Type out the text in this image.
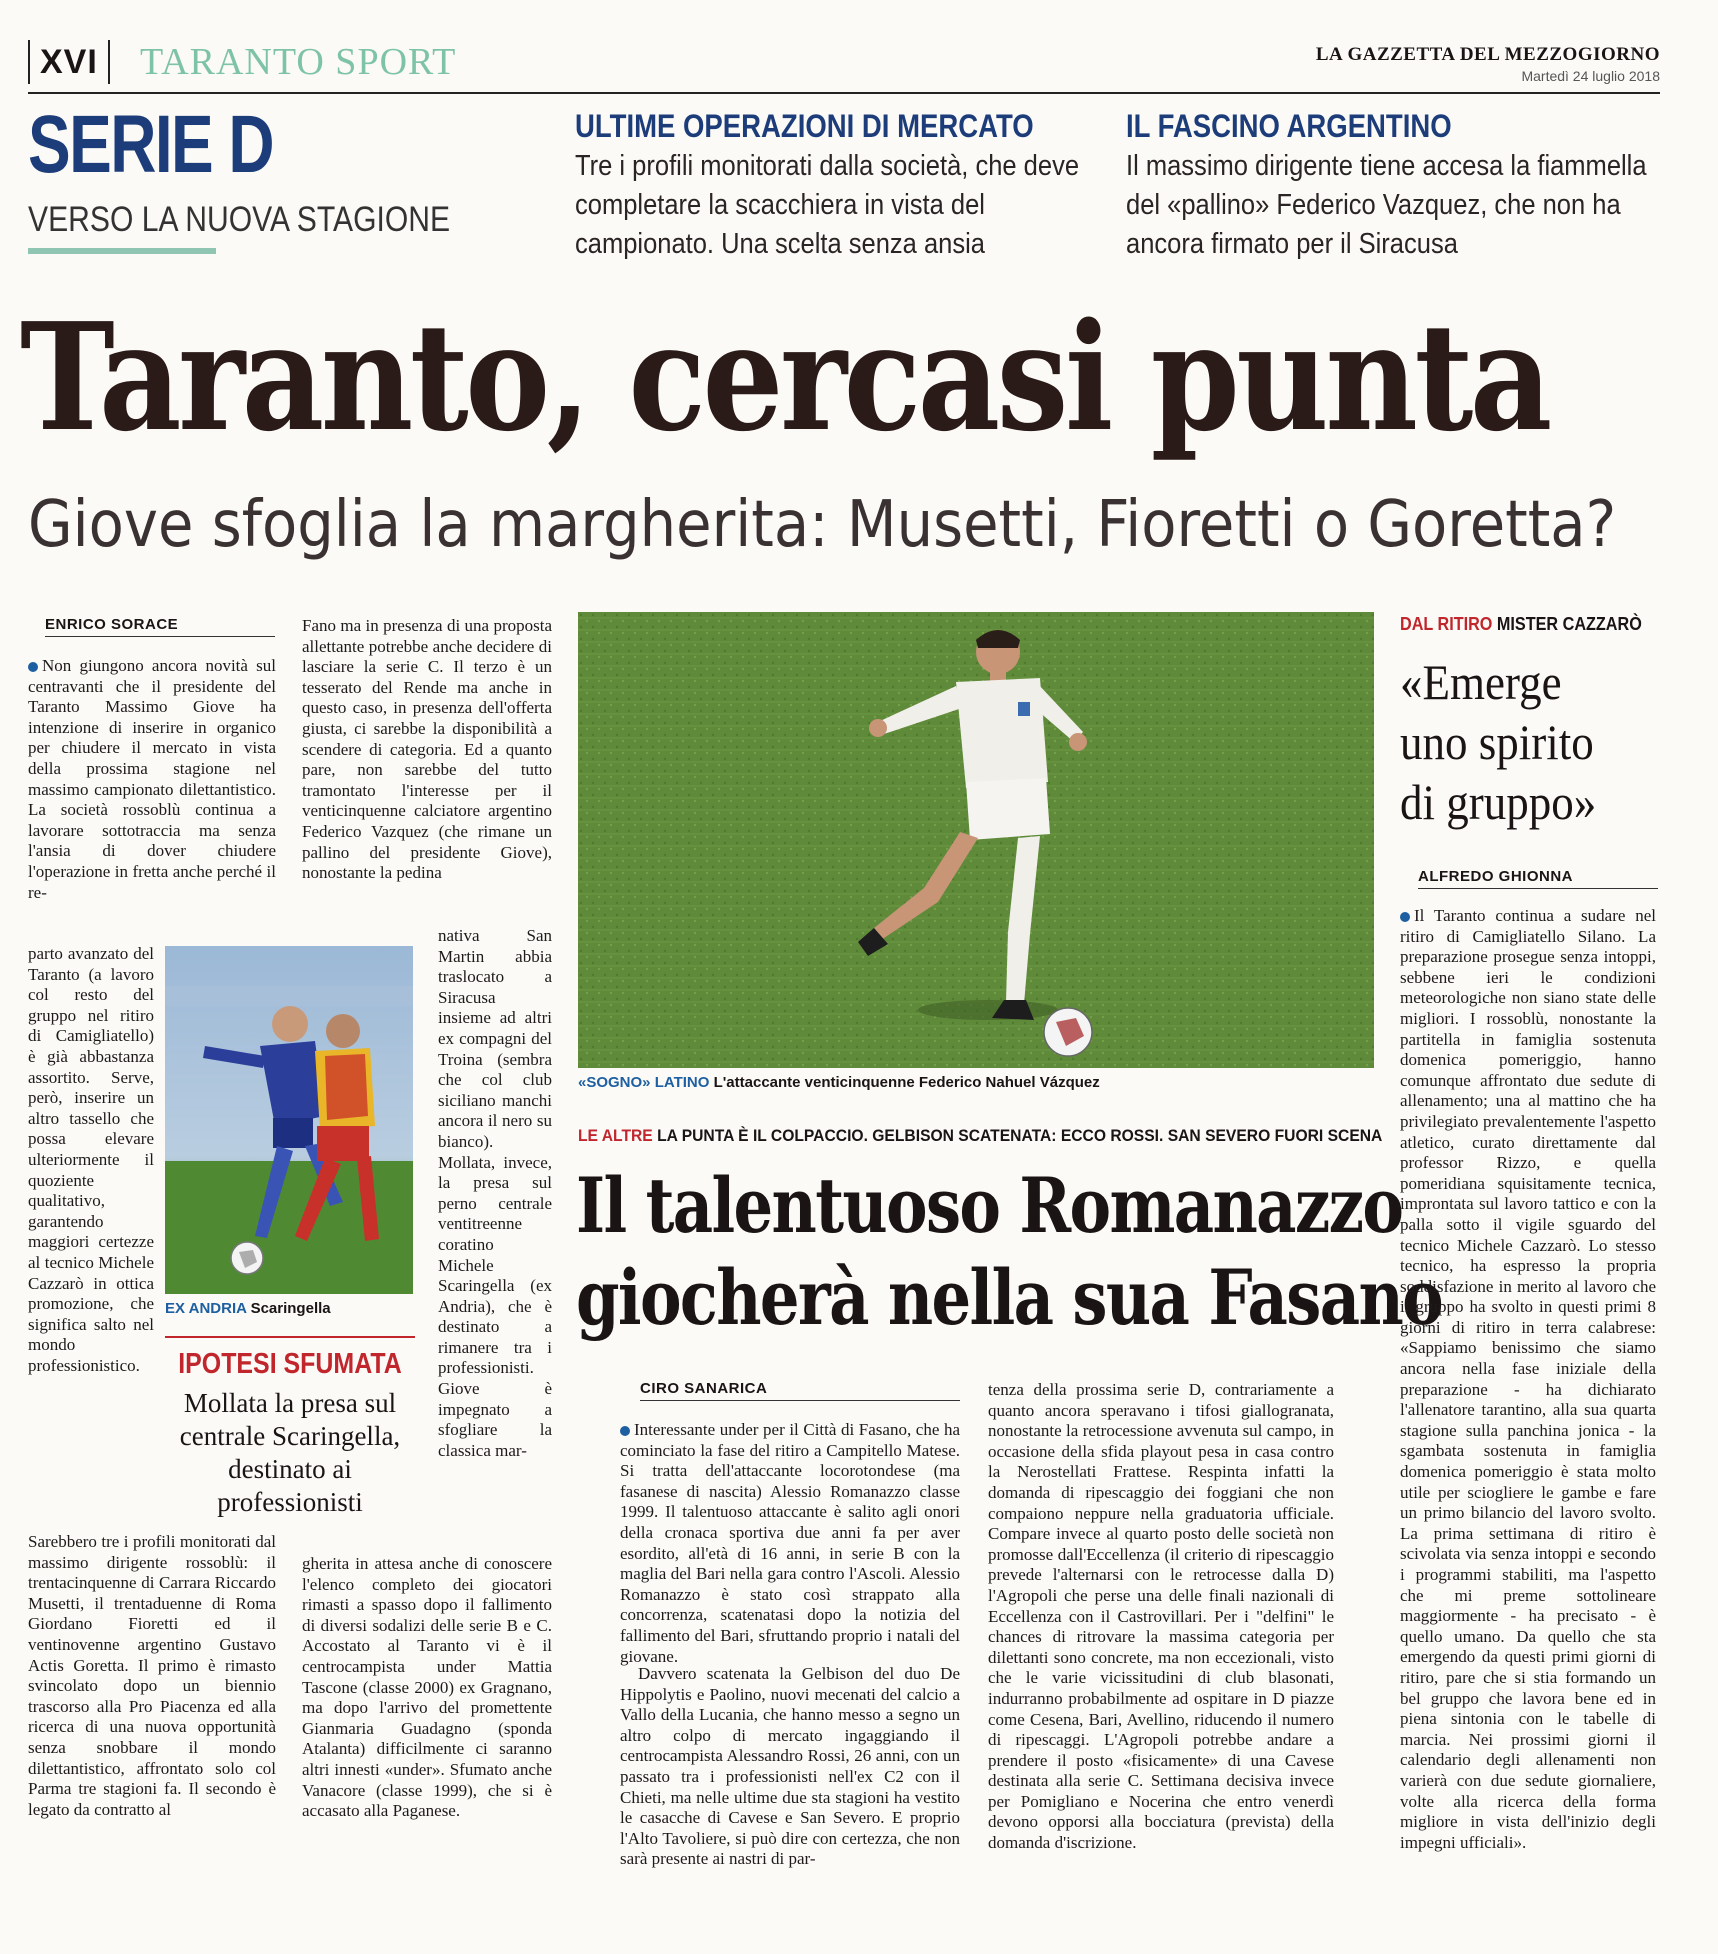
XVI	TARANTO SPORT	LA GAZZETTA DEL MEZZOGIORNO
Martedì 24 luglio 2018
SERIE D
VERSO LA NUOVA STAGIONE
ULTIME OPERAZIONI DI MERCATO
Tre i profili monitorati dalla società, che deve completare la scacchiera in vista del campionato. Una scelta senza ansia
IL FASCINO ARGENTINO
Il massimo dirigente tiene accesa la fiammella del «pallino» Federico Vazquez, che non ha ancora firmato per il Siracusa
Taranto, cercasi punta
Giove sfoglia la margherita: Musetti, Fioretti o Goretta?
ENRICO SORACE

Non giungono ancora novità sul centravanti che il presidente del Taranto Massimo Giove ha intenzione di inserire in organico per chiudere il mercato in vista della prossima stagione nel massimo campionato dilettantistico. La società rossoblù continua a lavorare sottotraccia ma senza l'ansia di dover chiudere l'operazione in fretta anche perché il re-

parto avanzato del Taranto (a lavoro col resto del gruppo nel ritiro di Camigliatello) è già abbastanza assortito. Serve, però, inserire un altro tassello che possa elevare ulteriormente il quoziente qualitativo, garantendo maggiori certezze al tecnico Michele Cazzarò in ottica promozione, che significa salto nel mondo professionistico.

Sarebbero tre i profili monitorati dal massimo dirigente rossoblù: il trentacinquenne di Carrara Riccardo Musetti, il trentaduenne di Roma Giordano Fioretti ed il ventinovenne argentino Gustavo Actis Goretta. Il primo è rimasto svincolato dopo un biennio trascorso alla Pro Piacenza ed alla ricerca di una nuova opportunità senza snobbare il mondo dilettantistico, affrontato solo col Parma tre stagioni fa. Il secondo è legato da contratto al

Fano ma in presenza di una proposta allettante potrebbe anche decidere di lasciare la serie C. Il terzo è un tesserato del Rende ma anche in questo caso, in presenza dell'offerta giusta, ci sarebbe la disponibilità a scendere di categoria. Ed a quanto pare, non sarebbe del tutto tramontato l'interesse per il venticinquenne calciatore argentino Federico Vazquez (che rimane un pallino del presidente Giove), nonostante la pedina

nativa San Martin abbia traslocato a Siracusa insieme ad altri ex compagni del Troina (sembra che col club siciliano manchi ancora il nero su bianco). Mollata, invece, la presa sul perno centrale ventitreenne coratino Michele Scaringella (ex Andria), che è destinato a rimanere tra i professionisti. Giove è impegnato a sfogliare la classica mar-

gherita in attesa anche di conoscere l'elenco completo dei giocatori rimasti a spasso dopo il fallimento di diversi sodalizi delle serie B e C. Accostato al Taranto vi è il centrocampista under Mattia Tascone (classe 2000) ex Gragnano, ma dopo l'arrivo del promettente Gianmaria Guadagno (sponda Atalanta) difficilmente ci saranno altri innesti «under». Sfumato anche Vanacore (classe 1999), che si è accasato alla Paganese.

EX ANDRIA Scaringella
IPOTESI SFUMATA
Mollata la presa sul centrale Scaringella, destinato ai professionisti
«SOGNO» LATINO L'attaccante venticinquenne Federico Nahuel Vázquez
LE ALTRE LA PUNTA È IL COLPACCIO. GELBISON SCATENATA: ECCO ROSSI. SAN SEVERO FUORI SCENA
Il talentuoso Romanazzo
giocherà nella sua Fasano
CIRO SANARICA

Interessante under per il Città di Fasano, che ha cominciato la fase del ritiro a Campitello Matese. Si tratta dell'attaccante locorotondese (ma fasanese di nascita) Alessio Romanazzo classe 1999. Il talentuoso attaccante è salito agli onori della cronaca sportiva due anni fa per aver esordito, all'età di 16 anni, in serie B con la maglia del Bari nella gara contro l'Ascoli. Alessio Romanazzo è stato così strappato alla concorrenza, scatenatasi dopo la notizia del fallimento del Bari, sfruttando proprio i natali del giovane.

Davvero scatenata la Gelbison del duo De Hippolytis e Paolino, nuovi mecenati del calcio a Vallo della Lucania, che hanno messo a segno un altro colpo di mercato ingaggiando il centrocampista Alessandro Rossi, 26 anni, con un passato tra i professionisti nell'ex C2 con il Chieti, ma nelle ultime due sta stagioni ha vestito le casacche di Cavese e San Severo. E proprio l'Alto Tavoliere, si può dire con certezza, che non sarà presente ai nastri di par-

tenza della prossima serie D, contrariamente a quanto ancora speravano i tifosi giallogranata, nonostante la retrocessione avvenuta sul campo, in occasione della sfida playout pesa in casa contro la Nerostellati Frattese. Respinta infatti la domanda di ripescaggio dei foggiani che non compaiono neppure nella graduatoria ufficiale. Compare invece al quarto posto delle società non promosse dall'Eccellenza (il criterio di ripescaggio prevede l'alternarsi con le retrocesse dalla D) l'Agropoli che perse una delle finali nazionali di Eccellenza con il Castrovillari. Per i "delfini" le chances di ritrovare la massima categoria per dilettanti sono concrete, ma non eccezionali, visto che le varie vicissitudini di club blasonati, indurranno probabilmente ad ospitare in D piazze come Cesena, Bari, Avellino, riducendo il numero di ripescaggi. L'Agropoli potrebbe andare a prendere il posto «fisicamente» di una Cavese destinata alla serie C. Settimana decisiva invece per Pomigliano e Nocerina che entro venerdì devono opporsi alla bocciatura (prevista) della domanda d'iscrizione.

DAL RITIRO MISTER CAZZARÒ
«Emerge uno spirito di gruppo»
ALFREDO GHIONNA

Il Taranto continua a sudare nel ritiro di Camigliatello Silano. La preparazione prosegue senza intoppi, sebbene ieri le condizioni meteorologiche non siano state delle migliori. I rossoblù, nonostante la partitella in famiglia sostenuta domenica pomeriggio, hanno comunque affrontato due sedute di allenamento; una al mattino che ha privilegiato prevalentemente l'aspetto atletico, curato direttamente dal professor Rizzo, e quella pomeridiana squisitamente tecnica, improntata sul lavoro tattico e con la palla sotto il vigile sguardo del tecnico Michele Cazzarò. Lo stesso tecnico, ha espresso la propria soddisfazione in merito al lavoro che il gruppo ha svolto in questi primi 8 giorni di ritiro in terra calabrese: «Sappiamo benissimo che siamo ancora nella fase iniziale della preparazione - ha dichiarato l'allenatore tarantino, alla sua quarta stagione sulla panchina jonica - la sgambata sostenuta in famiglia domenica pomeriggio è stata molto utile per sciogliere le gambe e fare un primo bilancio del lavoro svolto. La prima settimana di ritiro è scivolata via senza intoppi e secondo i programmi stabiliti, ma l'aspetto che mi preme sottolineare maggiormente - ha precisato - è quello umano. Da quello che sta emergendo da questi primi giorni di ritiro, pare che si stia formando un bel gruppo che lavora bene ed in piena sintonia con le tabelle di marcia. Nei prossimi giorni il calendario degli allenamenti non varierà con due sedute giornaliere, volte alla ricerca della forma migliore in vista dell'inizio degli impegni ufficiali».
